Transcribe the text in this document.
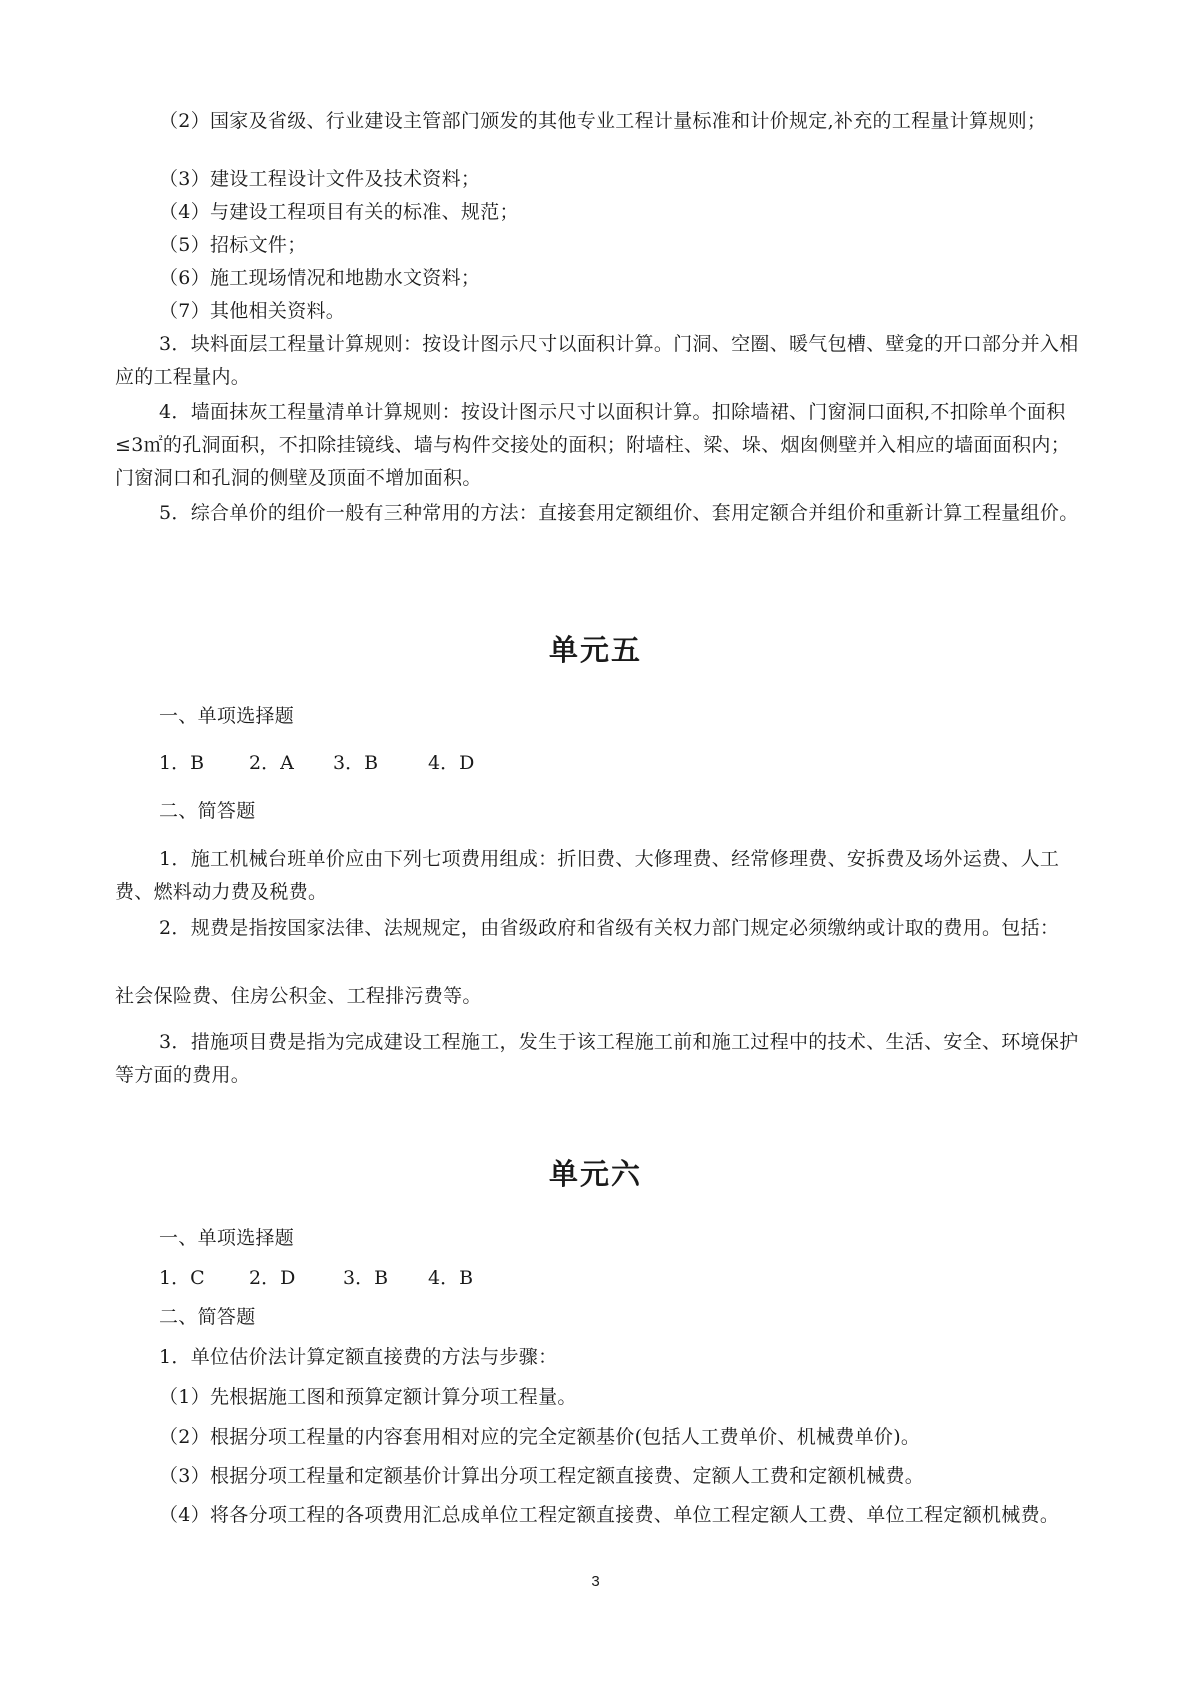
（2）国家及省级、行业建设主管部门颁发的其他专业工程计量标准和计价规定,补充的工程量计算规则；

（3）建设工程设计文件及技术资料；

（4）与建设工程项目有关的标准、规范；

（5）招标文件；

（6）施工现场情况和地勘水文资料；

（7）其他相关资料。

3．块料面层工程量计算规则：按设计图示尺寸以面积计算。门洞、空圈、暖气包槽、壁龛的开口部分并入相应的工程量内。

4．墙面抹灰工程量清单计算规则：按设计图示尺寸以面积计算。扣除墙裙、门窗洞口面积,不扣除单个面积≤3㎡的孔洞面积，不扣除挂镜线、墙与构件交接处的面积；附墙柱、梁、垛、烟囱侧壁并入相应的墙面面积内；门窗洞口和孔洞的侧壁及顶面不增加面积。

5．综合单价的组价一般有三种常用的方法：直接套用定额组价、套用定额合并组价和重新计算工程量组价。

单元五

一、单项选择题

1．B 2．A 3．B	4．D

二、简答题

1．施工机械台班单价应由下列七项费用组成：折旧费、大修理费、经常修理费、安拆费及场外运费、人工费、燃料动力费及税费。

2．规费是指按国家法律、法规规定，由省级政府和省级有关权力部门规定必须缴纳或计取的费用。包括：

社会保险费、住房公积金、工程排污费等。

3．措施项目费是指为完成建设工程施工，发生于该工程施工前和施工过程中的技术、生活、安全、环境保护等方面的费用。

单元六

一、单项选择题

1．C 2．D	3．B 4．B

二、简答题

1．单位估价法计算定额直接费的方法与步骤：

（1）先根据施工图和预算定额计算分项工程量。

（2）根据分项工程量的内容套用相对应的完全定额基价(包括人工费单价、机械费单价)。

（3）根据分项工程量和定额基价计算出分项工程定额直接费、定额人工费和定额机械费。

（4）将各分项工程的各项费用汇总成单位工程定额直接费、单位工程定额人工费、单位工程定额机械费。

3
